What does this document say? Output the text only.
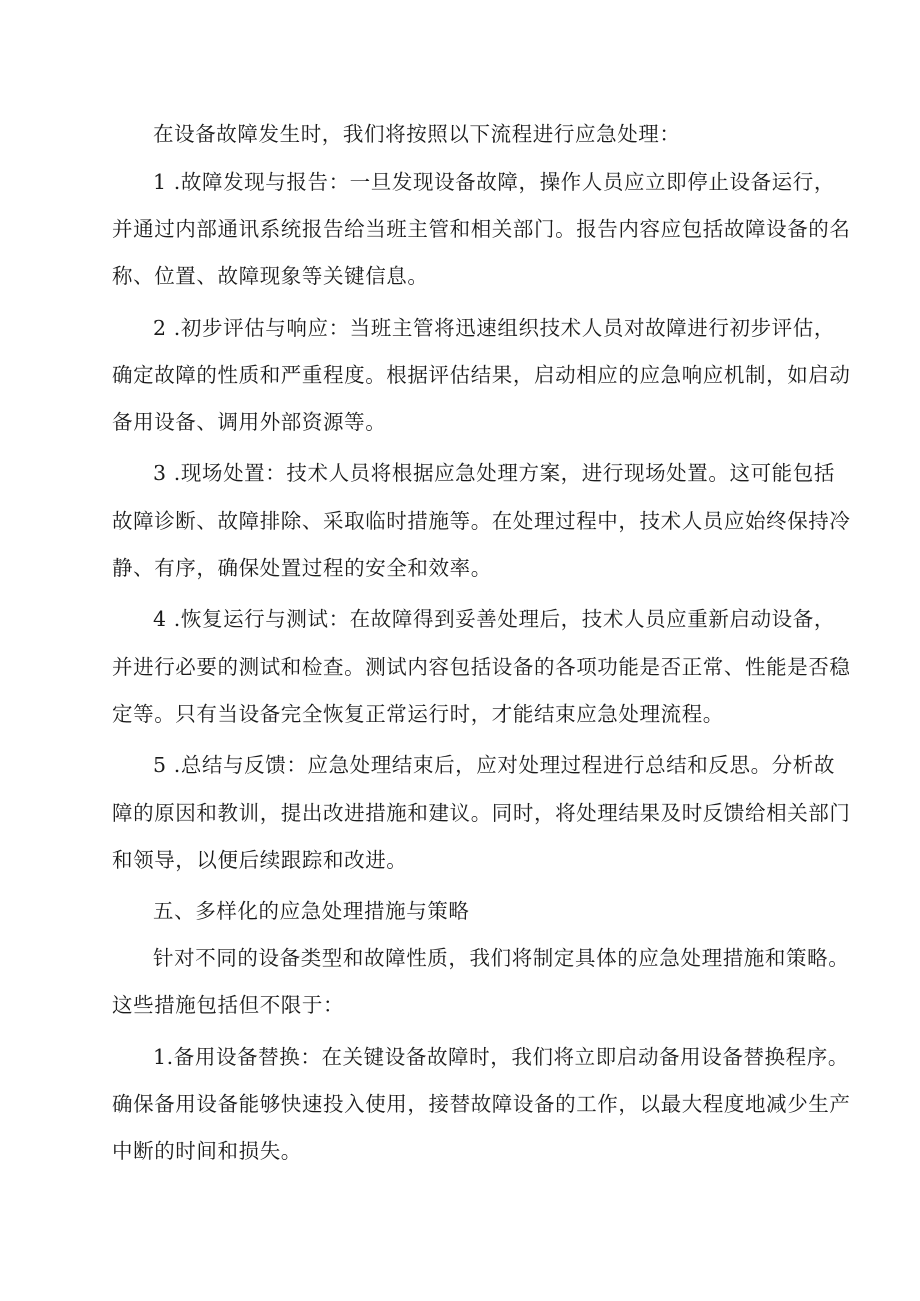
在设备故障发生时，我们将按照以下流程进行应急处理：

1 .故障发现与报告：一旦发现设备故障，操作人员应立即停止设备运行，

并通过内部通讯系统报告给当班主管和相关部门。报告内容应包括故障设备的名

称、位置、故障现象等关键信息。

2 .初步评估与响应：当班主管将迅速组织技术人员对故障进行初步评估，

确定故障的性质和严重程度。根据评估结果，启动相应的应急响应机制，如启动

备用设备、调用外部资源等。

3 .现场处置：技术人员将根据应急处理方案，进行现场处置。这可能包括

故障诊断、故障排除、采取临时措施等。在处理过程中，技术人员应始终保持冷

静、有序，确保处置过程的安全和效率。

4 .恢复运行与测试：在故障得到妥善处理后，技术人员应重新启动设备，

并进行必要的测试和检查。测试内容包括设备的各项功能是否正常、性能是否稳

定等。只有当设备完全恢复正常运行时，才能结束应急处理流程。

5 .总结与反馈：应急处理结束后，应对处理过程进行总结和反思。分析故

障的原因和教训，提出改进措施和建议。同时，将处理结果及时反馈给相关部门

和领导，以便后续跟踪和改进。

五、多样化的应急处理措施与策略

针对不同的设备类型和故障性质，我们将制定具体的应急处理措施和策略。

这些措施包括但不限于：

1.备用设备替换：在关键设备故障时，我们将立即启动备用设备替换程序。

确保备用设备能够快速投入使用，接替故障设备的工作，以最大程度地减少生产

中断的时间和损失。
